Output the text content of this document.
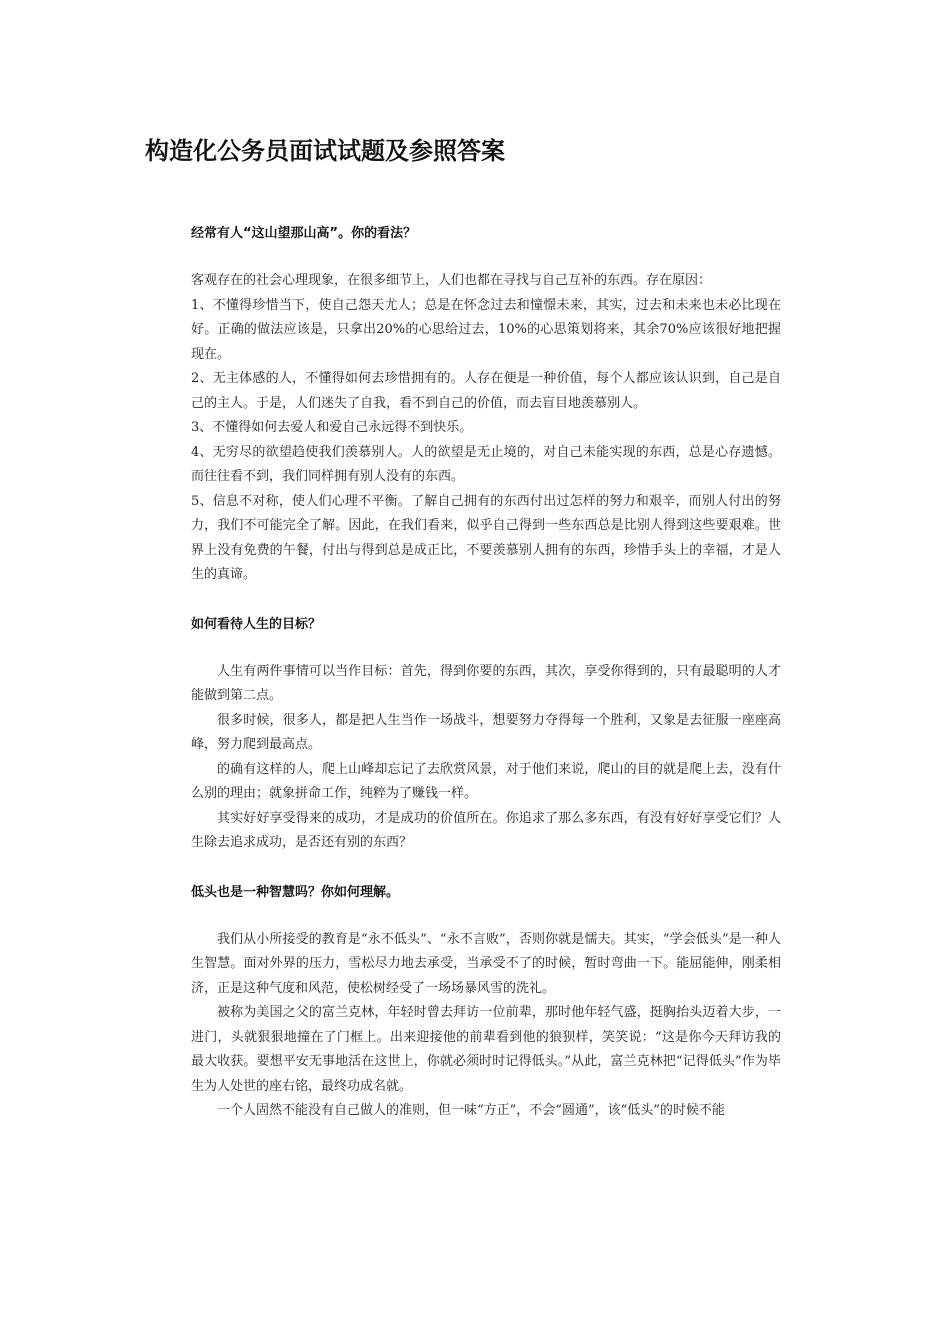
构造化公务员面试试题及参照答案

经常有人“这山望那山高”。你的看法？

客观存在的社会心理现象，在很多细节上，人们也都在寻找与自己互补的东西。存在原因：

1、不懂得珍惜当下，使自己怨天尤人；总是在怀念过去和憧憬未来，其实，过去和未来也未必比现在好。正确的做法应该是，只拿出20%的心思给过去，10%的心思策划将来，其余70%应该很好地把握现在。

2、无主体感的人，不懂得如何去珍惜拥有的。人存在便是一种价值，每个人都应该认识到，自己是自己的主人。于是，人们迷失了自我，看不到自己的价值，而去盲目地羡慕别人。

3、不懂得如何去爱人和爱自己永远得不到快乐。

4、无穷尽的欲望趋使我们羡慕别人。人的欲望是无止境的，对自己未能实现的东西，总是心存遗憾。而往往看不到，我们同样拥有别人没有的东西。

5、信息不对称，使人们心理不平衡。了解自己拥有的东西付出过怎样的努力和艰辛，而别人付出的努力，我们不可能完全了解。因此，在我们看来，似乎自己得到一些东西总是比别人得到这些要艰难。世界上没有免费的午餐，付出与得到总是成正比，不要羡慕别人拥有的东西，珍惜手头上的幸福，才是人生的真谛。

如何看待人生的目标？

人生有两件事情可以当作目标：首先，得到你要的东西，其次，享受你得到的，只有最聪明的人才能做到第二点。

很多时候，很多人，都是把人生当作一场战斗，想要努力夺得每一个胜利，又象是去征服一座座高峰，努力爬到最高点。

的确有这样的人，爬上山峰却忘记了去欣赏风景，对于他们来说，爬山的目的就是爬上去，没有什么别的理由；就象拼命工作，纯粹为了赚钱一样。

其实好好享受得来的成功，才是成功的价值所在。你追求了那么多东西，有没有好好享受它们？人生除去追求成功，是否还有别的东西？

低头也是一种智慧吗？你如何理解。

我们从小所接受的教育是“永不低头”、“永不言败”，否则你就是懦夫。其实，“学会低头”是一种人生智慧。面对外界的压力，雪松尽力地去承受，当承受不了的时候，暂时弯曲一下。能屈能伸，刚柔相济，正是这种气度和风范，使松树经受了一场场暴风雪的洗礼。

被称为美国之父的富兰克林，年轻时曾去拜访一位前辈，那时他年轻气盛，挺胸抬头迈着大步，一进门，头就狠狠地撞在了门框上。出来迎接他的前辈看到他的狼狈样，笑笑说：“这是你今天拜访我的最大收获。要想平安无事地活在这世上，你就必须时时记得低头。”从此，富兰克林把“记得低头”作为毕生为人处世的座右铭，最终功成名就。

一个人固然不能没有自己做人的准则，但一味“方正”，不会“圆通”，该“低头”的时候不能
